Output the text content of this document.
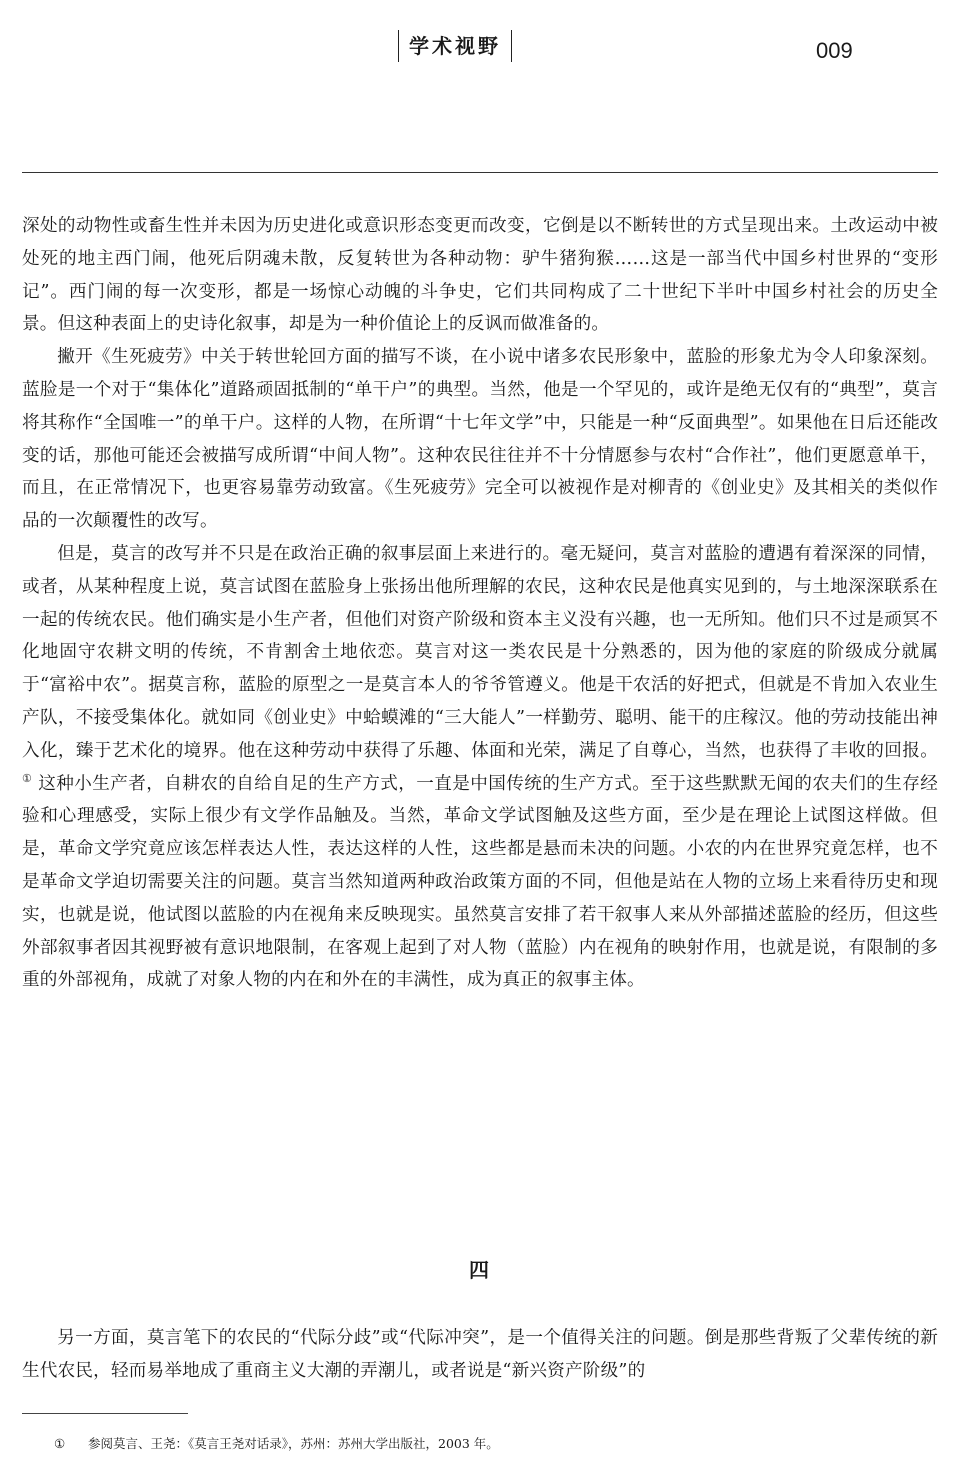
学术视野	009

深处的动物性或畜生性并未因为历史进化或意识形态变更而改变，它倒是以不断转世的方式呈现出来。土改运动中被处死的地主西门闹，他死后阴魂未散，反复转世为各种动物：驴牛猪狗猴……这是一部当代中国乡村世界的“变形记”。西门闹的每一次变形，都是一场惊心动魄的斗争史，它们共同构成了二十世纪下半叶中国乡村社会的历史全景。但这种表面上的史诗化叙事，却是为一种价值论上的反讽而做准备的。

撇开《生死疲劳》中关于转世轮回方面的描写不谈，在小说中诸多农民形象中，蓝脸的形象尤为令人印象深刻。蓝脸是一个对于“集体化”道路顽固抵制的“单干户”的典型。当然，他是一个罕见的，或许是绝无仅有的“典型”，莫言将其称作“全国唯一”的单干户。这样的人物，在所谓“十七年文学”中，只能是一种“反面典型”。如果他在日后还能改变的话，那他可能还会被描写成所谓“中间人物”。这种农民往往并不十分情愿参与农村“合作社”，他们更愿意单干，而且，在正常情况下，也更容易靠劳动致富。《生死疲劳》完全可以被视作是对柳青的《创业史》及其相关的类似作品的一次颠覆性的改写。

但是，莫言的改写并不只是在政治正确的叙事层面上来进行的。毫无疑问，莫言对蓝脸的遭遇有着深深的同情，或者，从某种程度上说，莫言试图在蓝脸身上张扬出他所理解的农民，这种农民是他真实见到的，与土地深深联系在一起的传统农民。他们确实是小生产者，但他们对资产阶级和资本主义没有兴趣，也一无所知。他们只不过是顽冥不化地固守农耕文明的传统，不肯割舍土地依恋。莫言对这一类农民是十分熟悉的，因为他的家庭的阶级成分就属于“富裕中农”。据莫言称，蓝脸的原型之一是莫言本人的爷爷管遵义。他是干农活的好把式，但就是不肯加入农业生产队，不接受集体化。就如同《创业史》中蛤蟆滩的“三大能人”一样勤劳、聪明、能干的庄稼汉。他的劳动技能出神入化，臻于艺术化的境界。他在这种劳动中获得了乐趣、体面和光荣，满足了自尊心，当然，也获得了丰收的回报。① 这种小生产者，自耕农的自给自足的生产方式，一直是中国传统的生产方式。至于这些默默无闻的农夫们的生存经验和心理感受，实际上很少有文学作品触及。当然，革命文学试图触及这些方面，至少是在理论上试图这样做。但是，革命文学究竟应该怎样表达人性，表达这样的人性，这些都是悬而未决的问题。小农的内在世界究竟怎样，也不是革命文学迫切需要关注的问题。莫言当然知道两种政治政策方面的不同，但他是站在人物的立场上来看待历史和现实，也就是说，他试图以蓝脸的内在视角来反映现实。虽然莫言安排了若干叙事人来从外部描述蓝脸的经历，但这些外部叙事者因其视野被有意识地限制，在客观上起到了对人物（蓝脸）内在视角的映射作用，也就是说，有限制的多重的外部视角，成就了对象人物的内在和外在的丰满性，成为真正的叙事主体。

四

另一方面，莫言笔下的农民的“代际分歧”或“代际冲突”，是一个值得关注的问题。倒是那些背叛了父辈传统的新生代农民，轻而易举地成了重商主义大潮的弄潮儿，或者说是“新兴资产阶级”的

① 参阅莫言、王尧：《莫言王尧对话录》，苏州：苏州大学出版社，2003 年。
